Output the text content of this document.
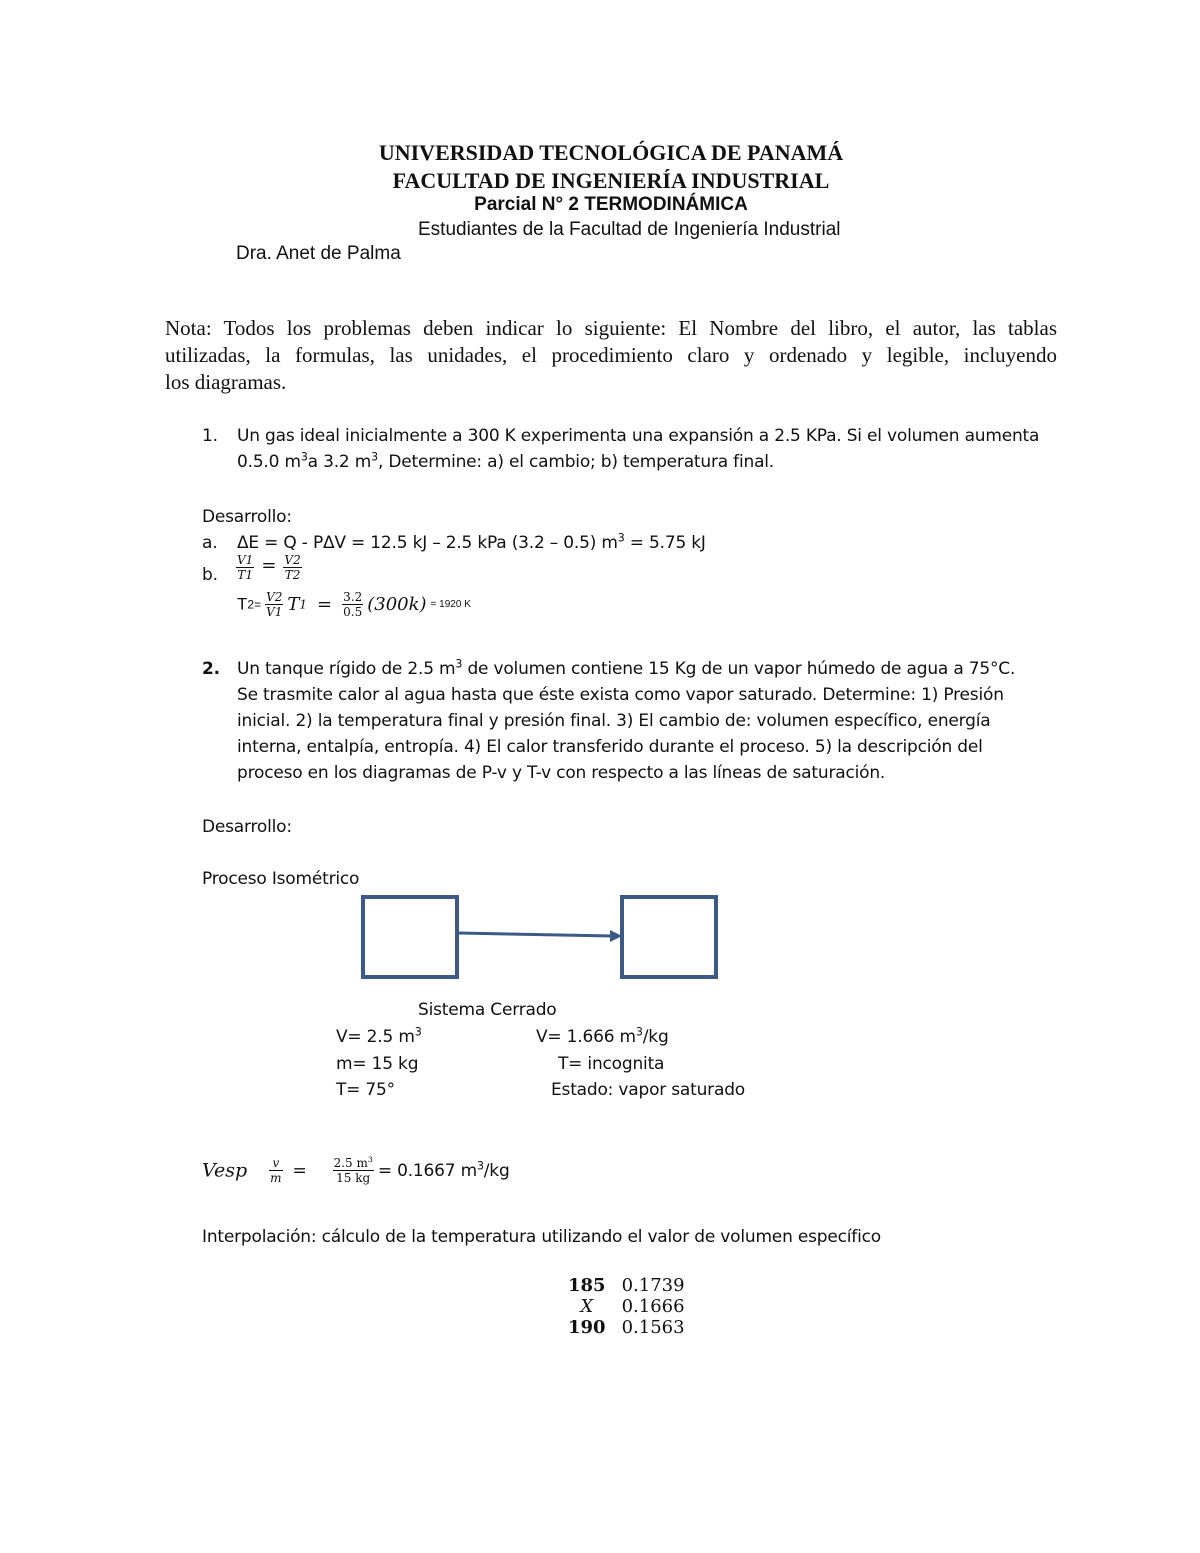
UNIVERSIDAD TECNOLÓGICA DE PANAMÁ
FACULTAD DE INGENIERÍA INDUSTRIAL
Parcial N° 2 TERMODINÁMICA
Estudiantes de la Facultad de Ingeniería Industrial
Dra. Anet de Palma
Nota: Todos los problemas deben indicar lo siguiente: El Nombre del libro, el autor, las tablas
utilizadas, la formulas, las unidades, el procedimiento claro y ordenado y legible, incluyendo
los diagramas.
1. Un gas ideal inicialmente a 300 K experimenta una expansión a 2.5 KPa. Si el volumen aumenta
0.5.0 $m^3a$ 3.2 $m^3$, Determine: a) el cambio; b) temperatura final.
Desarrollo:
a. ΔE = Q - PΔV = 12.5 kJ – 2.5 kPa (3.2 – 0.5) $m^3 = 5.75$ kJ
b. $\frac{V1}{T1} = \frac{V2}{T2}$
$T2= \frac{V2}{V1} T1 = \frac{3.2}{0.5} (300k) = 1920$ K
2. Un tanque rígido de 2.5 $m^3$ de volumen contiene 15 Kg de un vapor húmedo de agua a 75°C.
Se trasmite calor al agua hasta que éste exista como vapor saturado. Determine: 1) Presión
inicial. 2) la temperatura final y presión final. 3) El cambio de: volumen específico, energía
interna, entalpía, entropía. 4) El calor transferido durante el proceso. 5) la descripción del
proceso en los diagramas de P-v y T-v con respecto a las líneas de saturación.
Desarrollo:
Proceso Isométrico
Sistema Cerrado
V= 2.5 $m^3$
m= 15 kg
T= 75°
V= 1.666 $m^3/kg$
T= incognita
Estado: vapor saturado
Vesp $\frac{v}{m} = \frac{2.5 m^3}{15 kg} = 0.1667$ $m^3/kg$
Interpolación: cálculo de la temperatura utilizando el valor de volumen específico
185	0.1739
X	0.1666
190	0.1563
